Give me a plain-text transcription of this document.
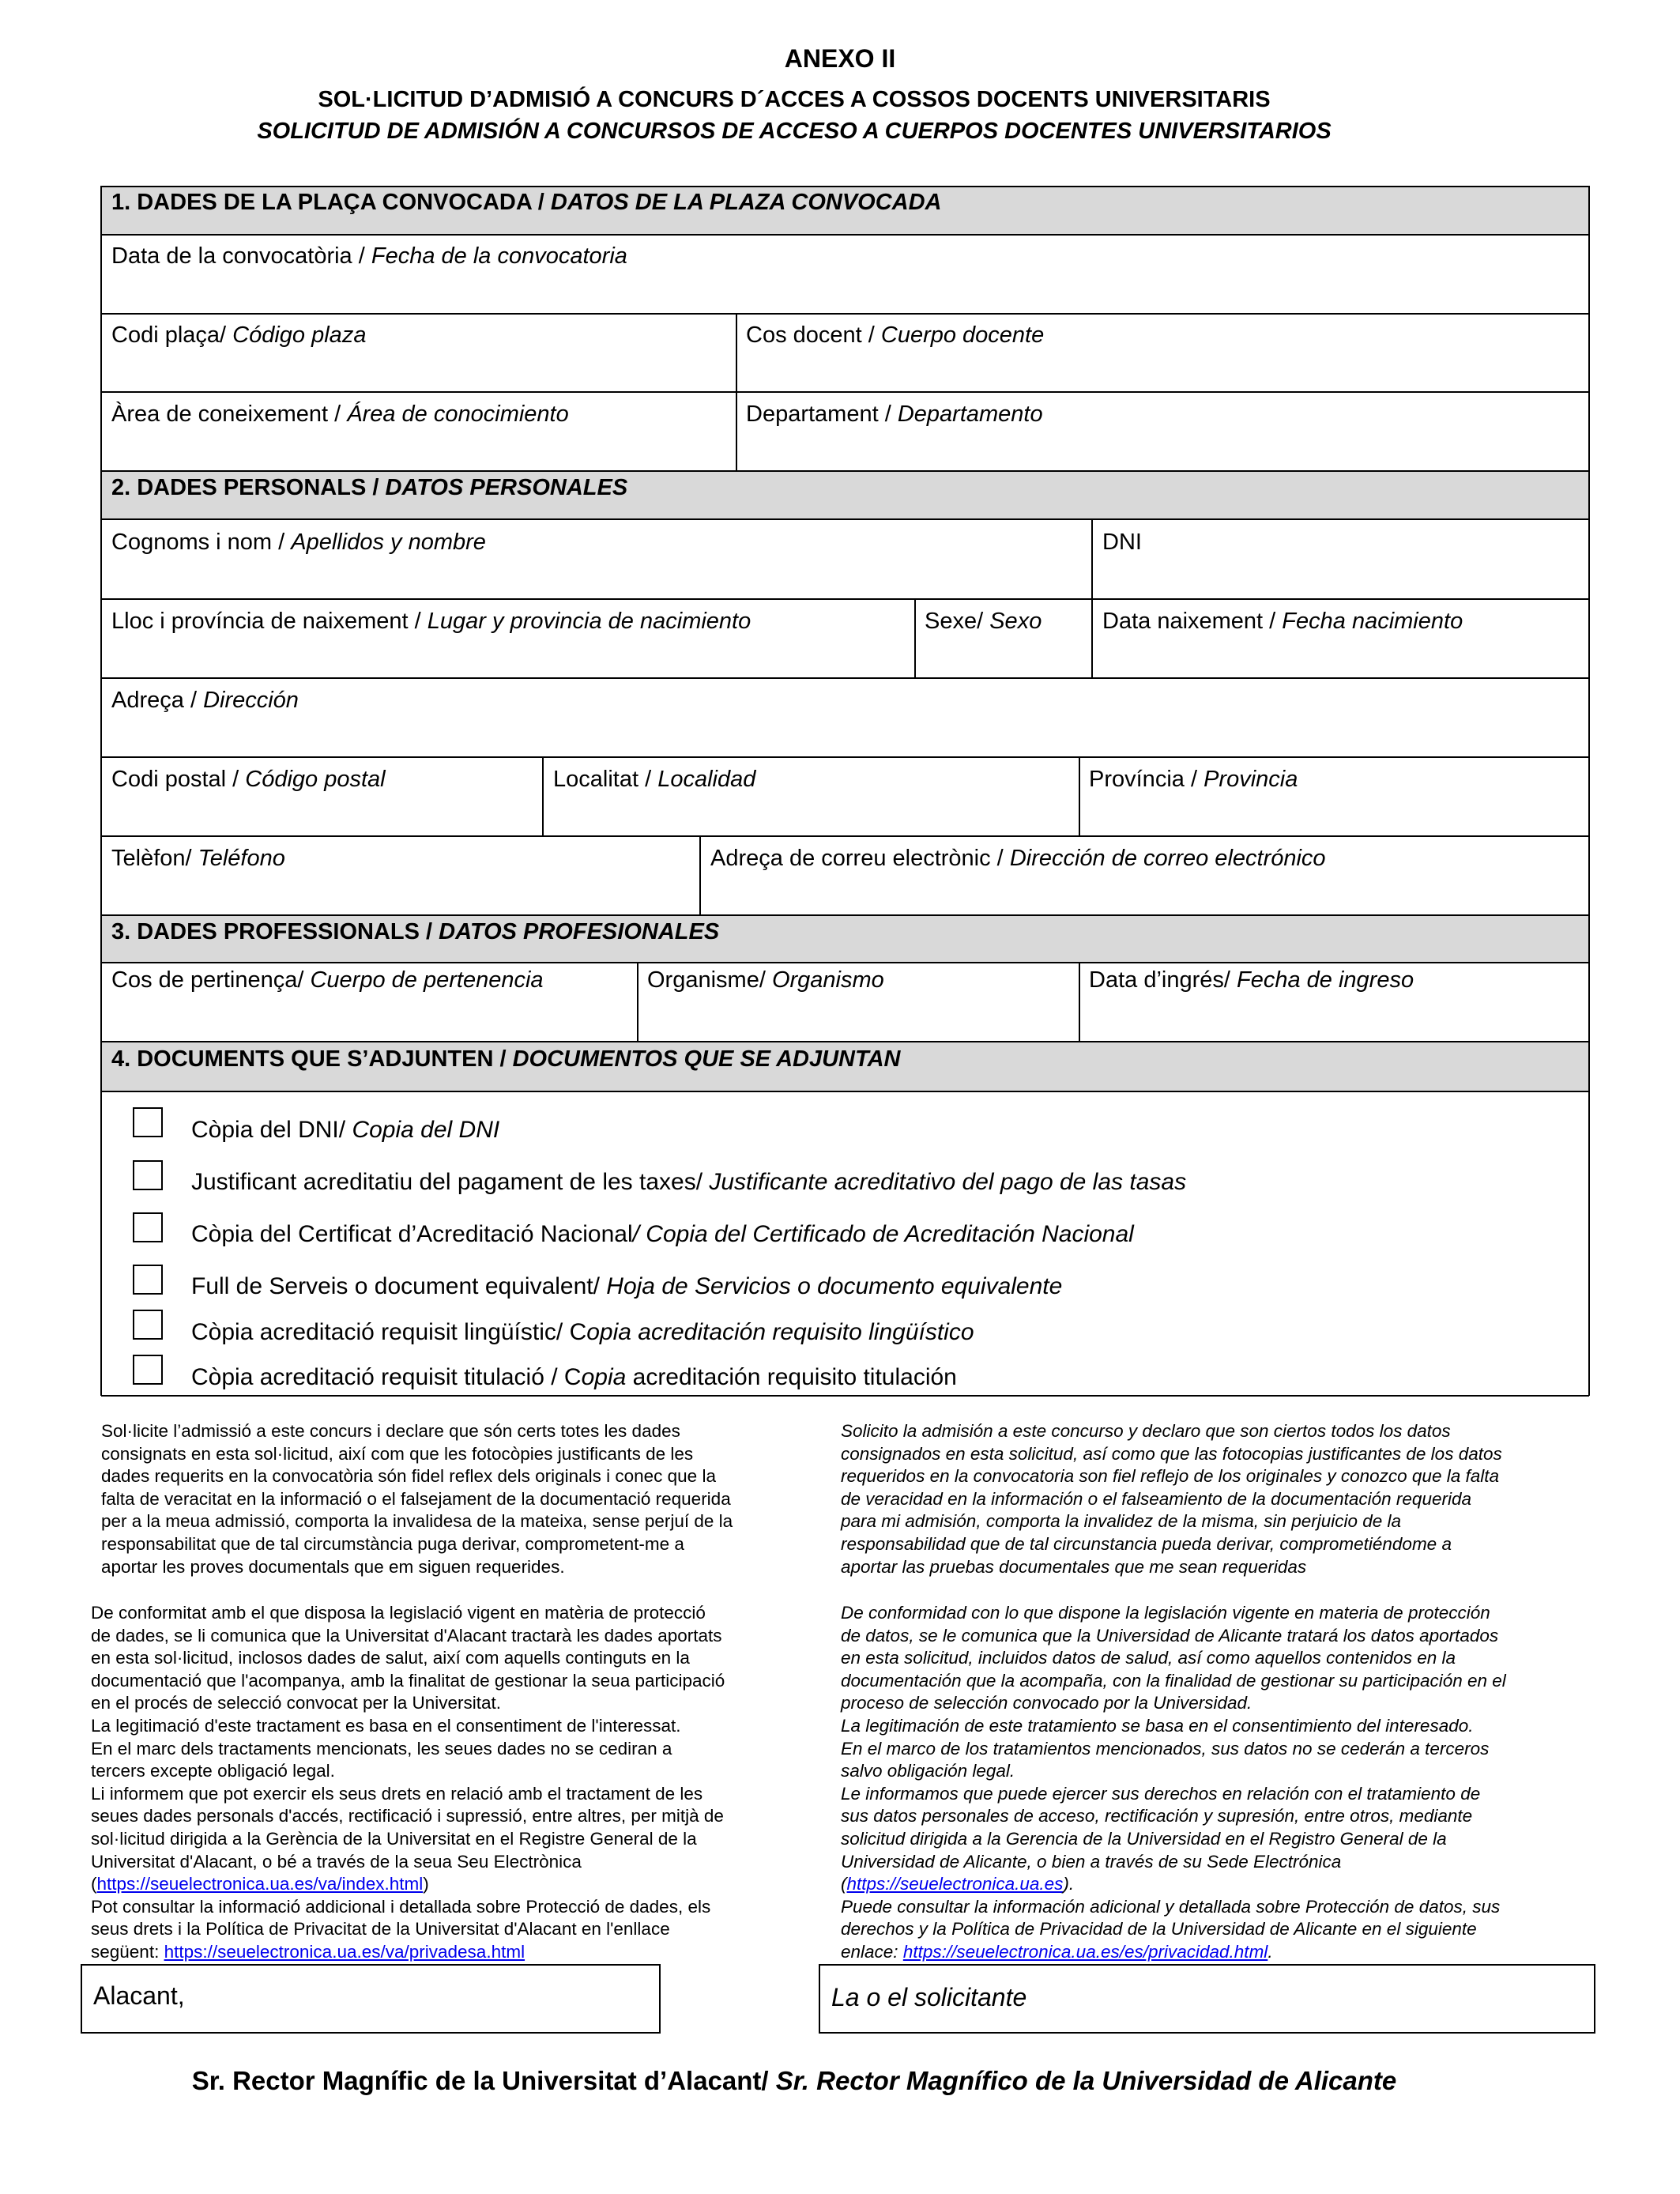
ANEXO II
SOL·LICITUD D’ADMISIÓ A CONCURS D´ACCES A COSSOS DOCENTS UNIVERSITARIS
SOLICITUD DE ADMISIÓN A CONCURSOS DE ACCESO A CUERPOS DOCENTES UNIVERSITARIOS
1. DADES DE LA PLAÇA CONVOCADA / DATOS DE LA PLAZA CONVOCADA
Data de la convocatòria / Fecha de la convocatoria
Codi plaça/ Código plaza	Cos docent / Cuerpo docente
Àrea de coneixement / Área de conocimiento	Departament / Departamento
2. DADES PERSONALS / DATOS PERSONALES
Cognoms i nom / Apellidos y nombre	DNI
Lloc i província de naixement / Lugar y provincia de nacimiento	Sexe/ Sexo	Data naixement / Fecha nacimiento
Adreça / Dirección
Codi postal / Código postal	Localitat / Localidad	Província / Provincia
Telèfon/ Teléfono	Adreça de correu electrònic / Dirección de correo electrónico
3. DADES PROFESSIONALS / DATOS PROFESIONALES
Cos de pertinença/ Cuerpo de pertenencia	Organisme/ Organismo	Data d’ingrés/ Fecha de ingreso
4. DOCUMENTS QUE S’ADJUNTEN / DOCUMENTOS QUE SE ADJUNTAN
Còpia del DNI/ Copia del DNI
Justificant acreditatiu del pagament de les taxes/ Justificante acreditativo del pago de las tasas
Còpia del Certificat d’Acreditació Nacional/ Copia del Certificado de Acreditación Nacional
Full de Serveis o document equivalent/ Hoja de Servicios o documento equivalente
Còpia acreditació requisit lingüístic/ Copia acreditación requisito lingüístico
Còpia acreditació requisit titulació / Copia acreditación requisito titulación
Sol·licite l’admissió a este concurs i declare que són certs totes les dades
consignats en esta sol·licitud, així com que les fotocòpies justificants de les
dades requerits en la convocatòria són fidel reflex dels originals i conec que la
falta de veracitat en la informació o el falsejament de la documentació requerida
per a la meua admissió, comporta la invalidesa de la mateixa, sense perjuí de la
responsabilitat que de tal circumstància puga derivar, comprometent-me a
aportar les proves documentals que em siguen requerides.
Solicito la admisión a este concurso y declaro que son ciertos todos los datos
consignados en esta solicitud, así como que las fotocopias justificantes de los datos
requeridos en la convocatoria son fiel reflejo de los originales y conozco que la falta
de veracidad en la información o el falseamiento de la documentación requerida
para mi admisión, comporta la invalidez de la misma, sin perjuicio de la
responsabilidad que de tal circunstancia pueda derivar, comprometiéndome a
aportar las pruebas documentales que me sean requeridas
De conformitat amb el que disposa la legislació vigent en matèria de protecció
de dades, se li comunica que la Universitat d'Alacant tractarà les dades aportats
en esta sol·licitud, inclosos dades de salut, així com aquells continguts en la
documentació que l'acompanya, amb la finalitat de gestionar la seua participació
en el procés de selecció convocat per la Universitat.
La legitimació d'este tractament es basa en el consentiment de l'interessat.
En el marc dels tractaments mencionats, les seues dades no se cediran a
tercers excepte obligació legal.
Li informem que pot exercir els seus drets en relació amb el tractament de les
seues dades personals d'accés, rectificació i supressió, entre altres, per mitjà de
sol·licitud dirigida a la Gerència de la Universitat en el Registre General de la
Universitat d'Alacant, o bé a través de la seua Seu Electrònica
(https://seuelectronica.ua.es/va/index.html)
Pot consultar la informació addicional i detallada sobre Protecció de dades, els
seus drets i la Política de Privacitat de la Universitat d'Alacant en l'enllace
següent: https://seuelectronica.ua.es/va/privadesa.html
De conformidad con lo que dispone la legislación vigente en materia de protección
de datos, se le comunica que la Universidad de Alicante tratará los datos aportados
en esta solicitud, incluidos datos de salud, así como aquellos contenidos en la
documentación que la acompaña, con la finalidad de gestionar su participación en el
proceso de selección convocado por la Universidad.
La legitimación de este tratamiento se basa en el consentimiento del interesado.
En el marco de los tratamientos mencionados, sus datos no se cederán a terceros
salvo obligación legal.
Le informamos que puede ejercer sus derechos en relación con el tratamiento de
sus datos personales de acceso, rectificación y supresión, entre otros, mediante
solicitud dirigida a la Gerencia de la Universidad en el Registro General de la
Universidad de Alicante, o bien a través de su Sede Electrónica
(https://seuelectronica.ua.es).
Puede consultar la información adicional y detallada sobre Protección de datos, sus
derechos y la Política de Privacidad de la Universidad de Alicante en el siguiente
enlace: https://seuelectronica.ua.es/es/privacidad.html.
Alacant,	La o el solicitante
Sr. Rector Magnífic de la Universitat d’Alacant/ Sr. Rector Magnífico de la Universidad de Alicante
